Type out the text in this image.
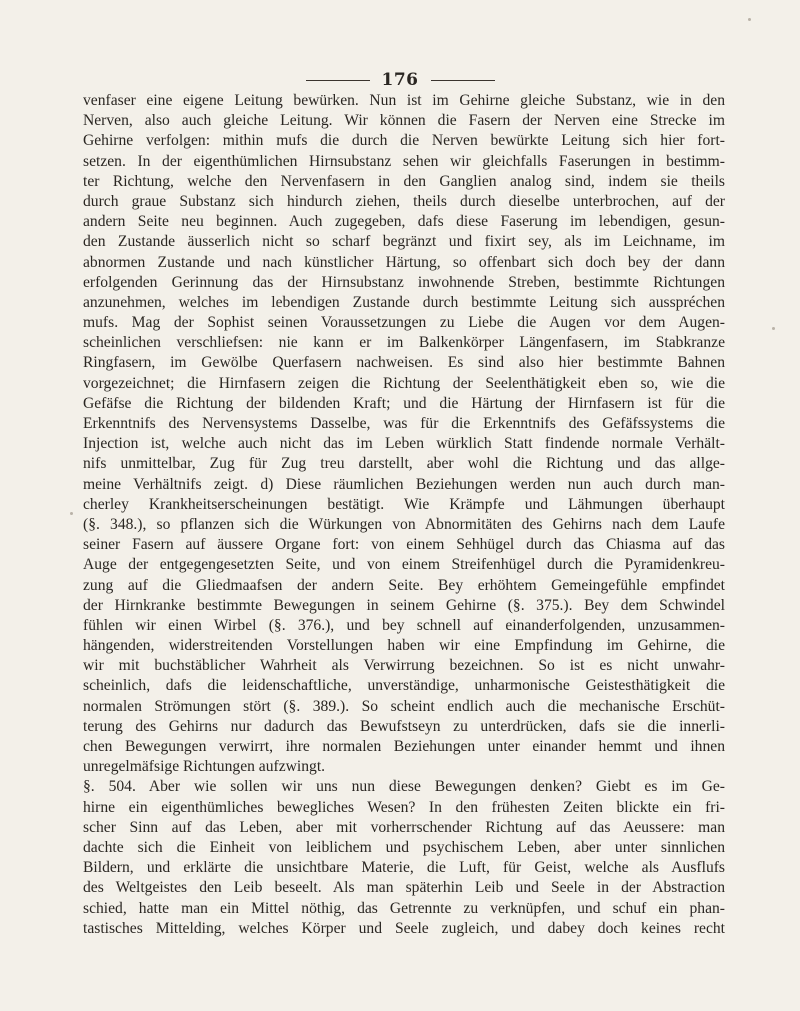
176
venfaser eine eigene Leitung bewürken. Nun ist im Gehirne gleiche Substanz, wie in den
Nerven, also auch gleiche Leitung. Wir können die Fasern der Nerven eine Strecke im
Gehirne verfolgen: mithin mufs die durch die Nerven bewürkte Leitung sich hier fort-
setzen. In der eigenthümlichen Hirnsubstanz sehen wir gleichfalls Faserungen in bestimm-
ter Richtung, welche den Nervenfasern in den Ganglien analog sind, indem sie theils
durch graue Substanz sich hindurch ziehen, theils durch dieselbe unterbrochen, auf der
andern Seite neu beginnen. Auch zugegeben, dafs diese Faserung im lebendigen, gesun-
den Zustande äusserlich nicht so scharf begränzt und fixirt sey, als im Leichname, im
abnormen Zustande und nach künstlicher Härtung, so offenbart sich doch bey der dann
erfolgenden Gerinnung das der Hirnsubstanz inwohnende Streben, bestimmte Richtungen
anzunehmen, welches im lebendigen Zustande durch bestimmte Leitung sich ausspréchen
mufs. Mag der Sophist seinen Voraussetzungen zu Liebe die Augen vor dem Augen-
scheinlichen verschliefsen: nie kann er im Balkenkörper Längenfasern, im Stabkranze
Ringfasern, im Gewölbe Querfasern nachweisen. Es sind also hier bestimmte Bahnen
vorgezeichnet; die Hirnfasern zeigen die Richtung der Seelenthätigkeit eben so, wie die
Gefäfse die Richtung der bildenden Kraft; und die Härtung der Hirnfasern ist für die
Erkenntnifs des Nervensystems Dasselbe, was für die Erkenntnifs des Gefäfssystems die
Injection ist, welche auch nicht das im Leben würklich Statt findende normale Verhält-
nifs unmittelbar, Zug für Zug treu darstellt, aber wohl die Richtung und das allge-
meine Verhältnifs zeigt. d) Diese räumlichen Beziehungen werden nun auch durch man-
cherley Krankheitserscheinungen bestätigt. Wie Krämpfe und Lähmungen überhaupt
(§. 348.), so pflanzen sich die Würkungen von Abnormitäten des Gehirns nach dem Laufe
seiner Fasern auf äussere Organe fort: von einem Sehhügel durch das Chiasma auf das
Auge der entgegengesetzten Seite, und von einem Streifenhügel durch die Pyramidenkreu-
zung auf die Gliedmaafsen der andern Seite. Bey erhöhtem Gemeingefühle empfindet
der Hirnkranke bestimmte Bewegungen in seinem Gehirne (§. 375.). Bey dem Schwindel
fühlen wir einen Wirbel (§. 376.), und bey schnell auf einanderfolgenden, unzusammen-
hängenden, widerstreitenden Vorstellungen haben wir eine Empfindung im Gehirne, die
wir mit buchstäblicher Wahrheit als Verwirrung bezeichnen. So ist es nicht unwahr-
scheinlich, dafs die leidenschaftliche, unverständige, unharmonische Geistesthätigkeit die
normalen Strömungen stört (§. 389.). So scheint endlich auch die mechanische Erschüt-
terung des Gehirns nur dadurch das Bewufstseyn zu unterdrücken, dafs sie die innerli-
chen Bewegungen verwirrt, ihre normalen Beziehungen unter einander hemmt und ihnen
unregelmäfsige Richtungen aufzwingt.
§. 504. Aber wie sollen wir uns nun diese Bewegungen denken? Giebt es im Ge-
hirne ein eigenthümliches bewegliches Wesen? In den frühesten Zeiten blickte ein fri-
scher Sinn auf das Leben, aber mit vorherrschender Richtung auf das Aeussere: man
dachte sich die Einheit von leiblichem und psychischem Leben, aber unter sinnlichen
Bildern, und erklärte die unsichtbare Materie, die Luft, für Geist, welche als Ausflufs
des Weltgeistes den Leib beseelt. Als man späterhin Leib und Seele in der Abstraction
schied, hatte man ein Mittel nöthig, das Getrennte zu verknüpfen, und schuf ein phan-
tastisches Mittelding, welches Körper und Seele zugleich, und dabey doch keines recht
